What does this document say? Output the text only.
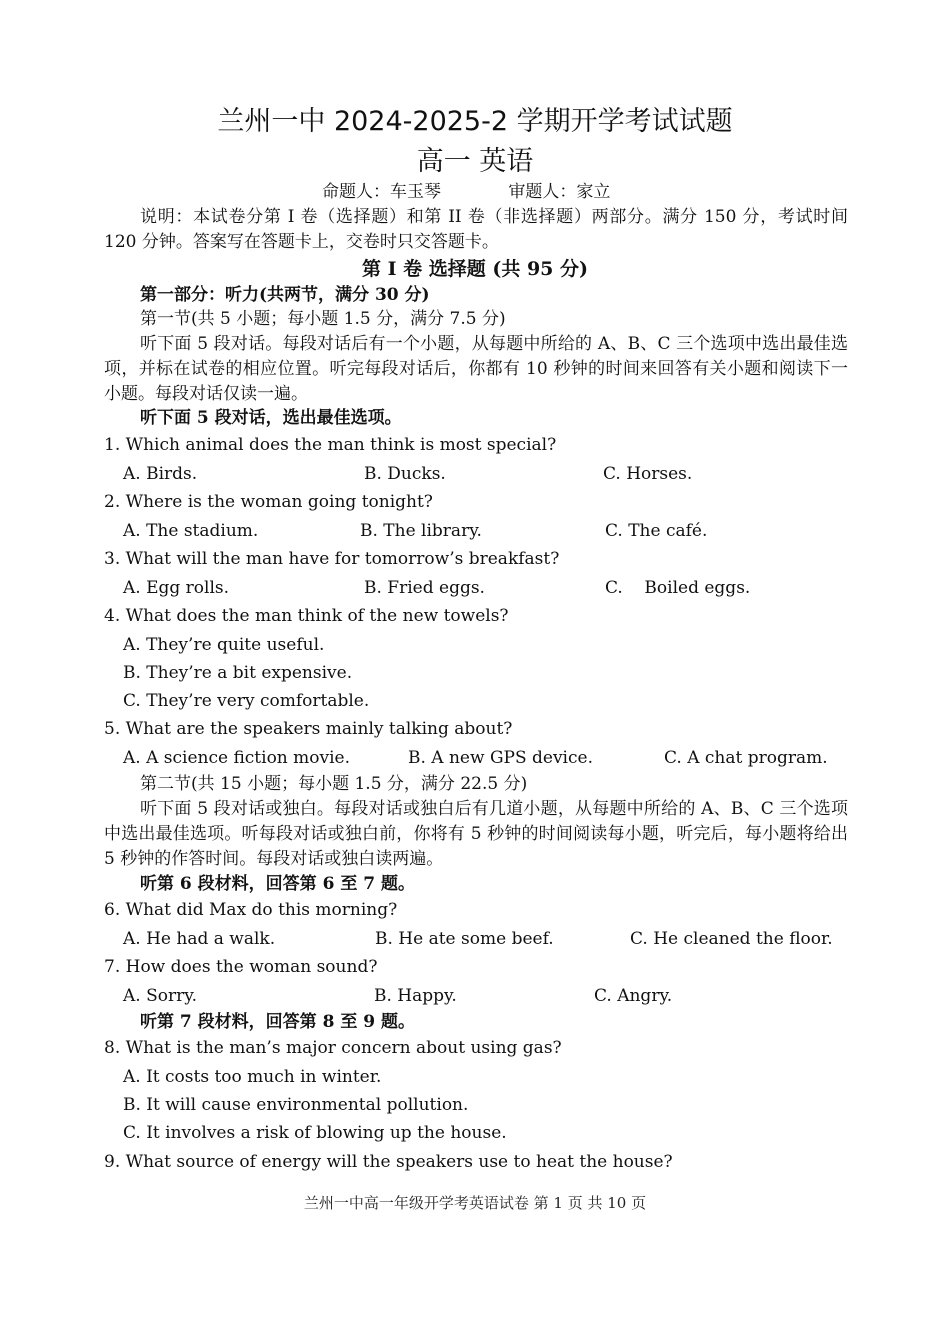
兰州一中 2024-2025-2 学期开学考试试题
高一 英语
命题人：车玉琴	审题人：家立
说明：本试卷分第 I 卷（选择题）和第 II 卷（非选择题）两部分。满分 150 分，考试时间 120 分钟。答案写在答题卡上，交卷时只交答题卡。
第 I 卷 选择题 (共 95 分)
第一部分：听力(共两节，满分 30 分)
第一节(共 5 小题；每小题 1.5 分，满分 7.5 分)
听下面 5 段对话。每段对话后有一个小题，从每题中所给的 A、B、C 三个选项中选出最佳选项，并标在试卷的相应位置。听完每段对话后，你都有 10 秒钟的时间来回答有关小题和阅读下一小题。每段对话仅读一遍。
听下面 5 段对话，选出最佳选项。
1. Which animal does the man think is most special?
A. Birds.	B. Ducks.	C. Horses.
2. Where is the woman going tonight?
A. The stadium.	B. The library.	C. The café.
3. What will the man have for tomorrow’s breakfast?
A. Egg rolls.	B. Fried eggs.	C.    Boiled eggs.
4. What does the man think of the new towels?
A. They’re quite useful.
B. They’re a bit expensive.
C. They’re very comfortable.
5. What are the speakers mainly talking about?
A. A science fiction movie.	B. A new GPS device.	C. A chat program.
第二节(共 15 小题；每小题 1.5 分，满分 22.5 分)
听下面 5 段对话或独白。每段对话或独白后有几道小题，从每题中所给的 A、B、C 三个选项中选出最佳选项。听每段对话或独白前，你将有 5 秒钟的时间阅读每小题，听完后，每小题将给出 5 秒钟的作答时间。每段对话或独白读两遍。
听第 6 段材料，回答第 6 至 7 题。
6. What did Max do this morning?
A. He had a walk.	B. He ate some beef.	C. He cleaned the floor.
7. How does the woman sound?
A. Sorry.	B. Happy.	C. Angry.
听第 7 段材料，回答第 8 至 9 题。
8. What is the man’s major concern about using gas?
A. It costs too much in winter.
B. It will cause environmental pollution.
C. It involves a risk of blowing up the house.
9. What source of energy will the speakers use to heat the house?
兰州一中高一年级开学考英语试卷 第 1 页 共 10 页
